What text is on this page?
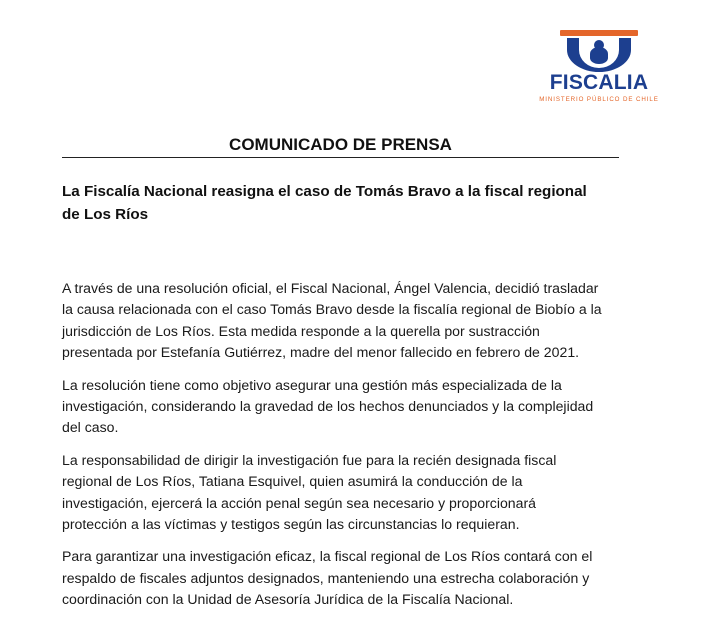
FISCALIA
MINISTERIO PÚBLICO DE CHILE
COMUNICADO DE PRENSA
La Fiscalía Nacional reasigna el caso de Tomás Bravo a la fiscal regional
de Los Ríos

A través de una resolución oficial, el Fiscal Nacional, Ángel Valencia, decidió trasladar
la causa relacionada con el caso Tomás Bravo desde la fiscalía regional de Biobío a la
jurisdicción de Los Ríos. Esta medida responde a la querella por sustracción
presentada por Estefanía Gutiérrez, madre del menor fallecido en febrero de 2021.

La resolución tiene como objetivo asegurar una gestión más especializada de la
investigación, considerando la gravedad de los hechos denunciados y la complejidad
del caso.

La responsabilidad de dirigir la investigación fue para la recién designada fiscal
regional de Los Ríos, Tatiana Esquivel, quien asumirá la conducción de la
investigación, ejercerá la acción penal según sea necesario y proporcionará
protección a las víctimas y testigos según las circunstancias lo requieran.

Para garantizar una investigación eficaz, la fiscal regional de Los Ríos contará con el
respaldo de fiscales adjuntos designados, manteniendo una estrecha colaboración y
coordinación con la Unidad de Asesoría Jurídica de la Fiscalía Nacional.
